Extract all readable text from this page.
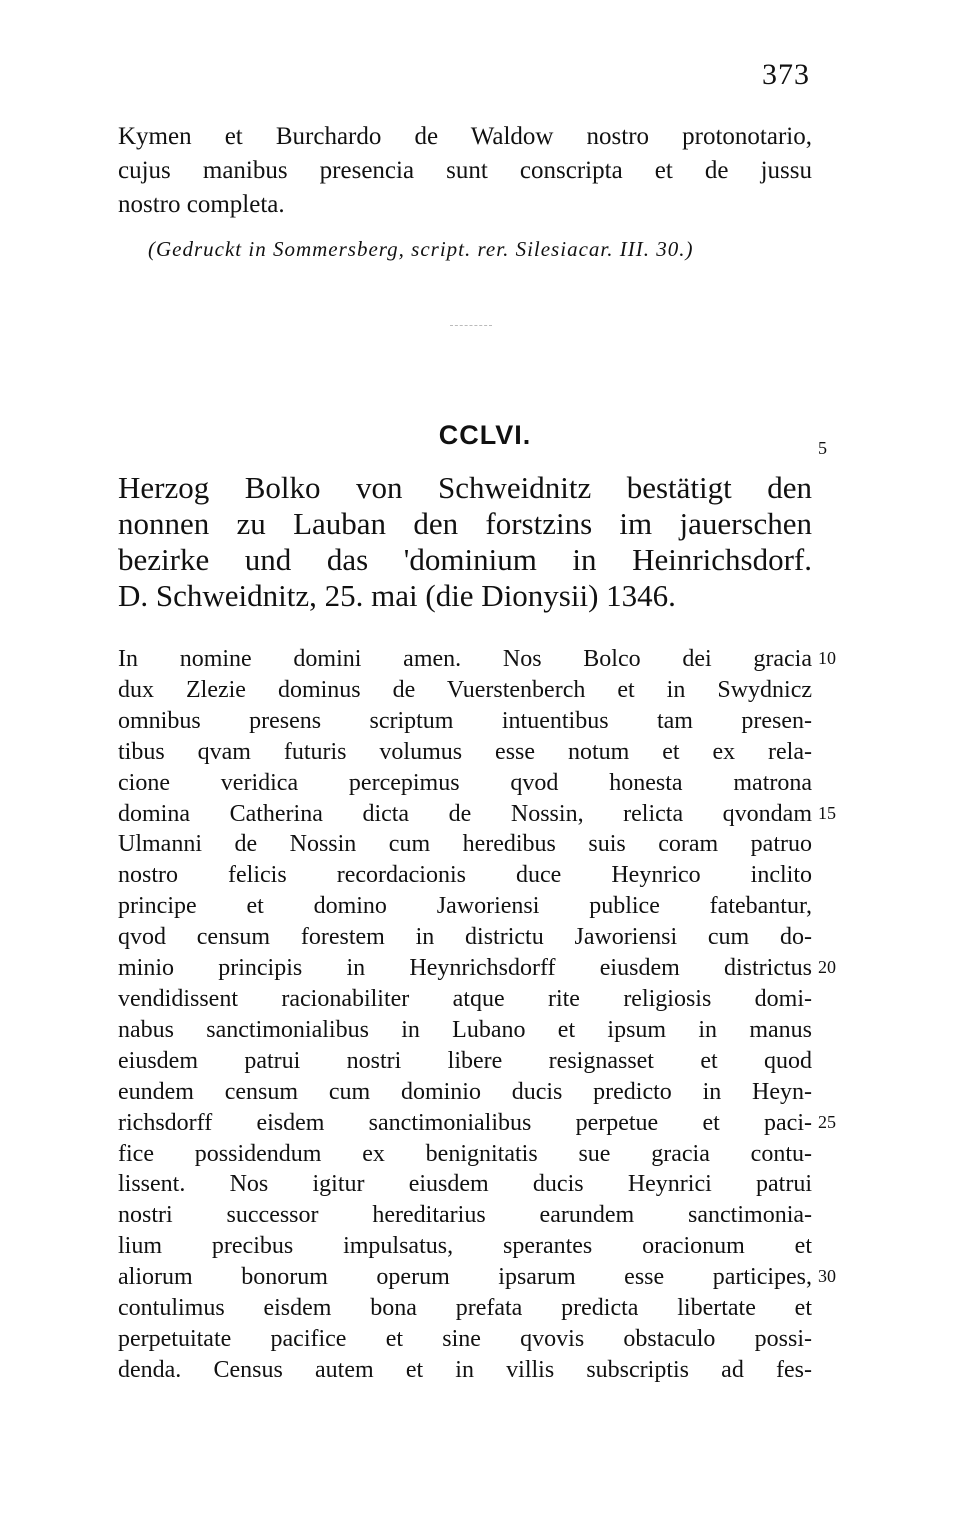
373
Kymen et Burchardo de Waldow nostro protonotario,
cujus manibus presencia sunt conscripta et de jussu
nostro completa.
(Gedruckt in Sommersberg, script. rer. Silesiacar. III. 30.)
CCLVI.
Herzog Bolko von Schweidnitz bestätigt den
nonnen zu Lauban den forstzins im jauerschen
bezirke und das 'dominium in Heinrichsdorf.
D. Schweidnitz, 25. mai (die Dionysii) 1346.
In nomine domini amen. Nos Bolco dei gracia
dux Zlezie dominus de Vuerstenberch et in Swydnicz
omnibus presens scriptum intuentibus tam presen-
tibus qvam futuris volumus esse notum et ex rela-
cione veridica percepimus qvod honesta matrona
domina Catherina dicta de Nossin, relicta qvondam
Ulmanni de Nossin cum heredibus suis coram patruo
nostro felicis recordacionis duce Heynrico inclito
principe et domino Jaworiensi publice fatebantur,
qvod censum forestem in districtu Jaworiensi cum do-
minio principis in Heynrichsdorff eiusdem districtus
vendidissent racionabiliter atque rite religiosis domi-
nabus sanctimonialibus in Lubano et ipsum in manus
eiusdem patrui nostri libere resignasset et quod
eundem censum cum dominio ducis predicto in Heyn-
richsdorff eisdem sanctimonialibus perpetue et paci-
fice possidendum ex benignitatis sue gracia contu-
lissent. Nos igitur eiusdem ducis Heynrici patrui
nostri successor hereditarius earundem sanctimonia-
lium precibus impulsatus, sperantes oracionum et
aliorum bonorum operum ipsarum esse participes,
contulimus eisdem bona prefata predicta libertate et
perpetuitate pacifice et sine qvovis obstaculo possi-
denda. Census autem et in villis subscriptis ad fes-
5
10
15
20
25
30
